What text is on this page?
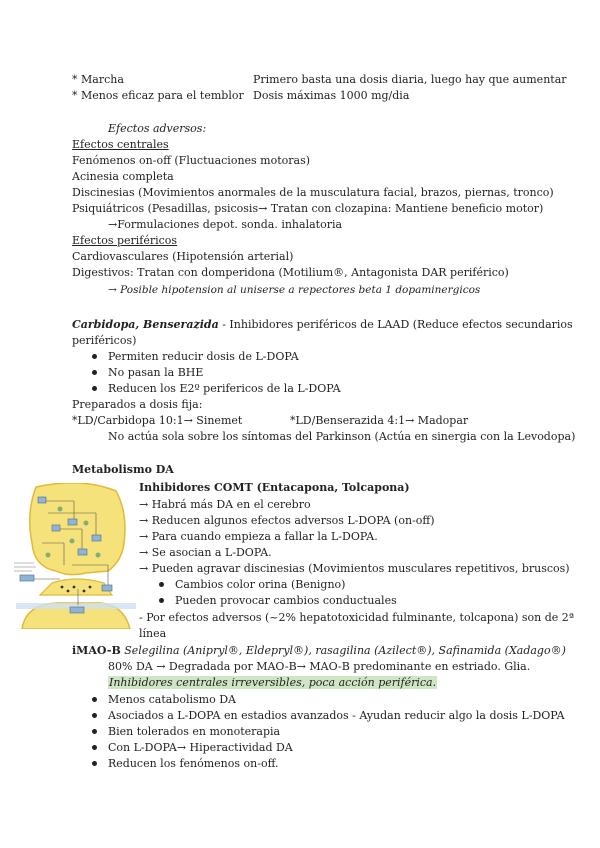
* Marcha	Primero basta una dosis diaria, luego hay que aumentar
* Menos eficaz para el temblor Dosis máximas 1000 mg/dia
Efectos adversos:
Efectos centrales
Fenómenos on-off (Fluctuaciones motoras)
Acinesia completa
Discinesias (Movimientos anormales de la musculatura facial, brazos, piernas, tronco)
Psiquiátricos (Pesadillas, psicosis→ Tratan con clozapina: Mantiene beneficio motor)
→Formulaciones depot. sonda. inhalatoria
Efectos periféricos
Cardiovasculares (Hipotensión arterial)
Digestivos: Tratan con domperidona (Motilium®, Antagonista DAR periférico)
→ Posible hipotension al uniserse a repectores beta 1 dopaminergicos
Carbidopa, Benserazida - Inhibidores periféricos de LAAD (Reduce efectos secundarios
periféricos)
Permiten reducir dosis de L-DOPA
No pasan la BHE
Reducen los E2º perifericos de la L-DOPA
Preparados a dosis fija:
*LD/Carbidopa 10:1→ Sinemet	*LD/Benserazida 4:1→ Madopar
No actúa sola sobre los síntomas del Parkinson (Actúa en sinergia con la Levodopa)
Metabolismo DA
Inhibidores COMT (Entacapona, Tolcapona)
→ Habrá más DA en el cerebro
→ Reducen algunos efectos adversos L-DOPA (on-off)
→ Para cuando empieza a fallar la L-DOPA.
→ Se asocian a L-DOPA.
→ Pueden agravar discinesias (Movimientos musculares repetitivos, bruscos)
Cambios color orina (Benigno)
Pueden provocar cambios conductuales
- Por efectos adversos (~2% hepatotoxicidad fulminante, tolcapona) son de 2ª
línea
iMAO-B Selegilina (Anipryl®, Eldepryl®), rasagilina (Azilect®), Safinamida (Xadago®)
80% DA → Degradada por MAO-B→ MAO-B predominante en estriado. Glia.
Inhibidores centrales irreversibles, poca acción periférica.
Menos catabolismo DA
Asociados a L-DOPA en estadios avanzados - Ayudan reducir algo la dosis L-DOPA
Bien tolerados en monoterapia
Con L-DOPA→ Hiperactividad DA
Reducen los fenómenos on-off.
